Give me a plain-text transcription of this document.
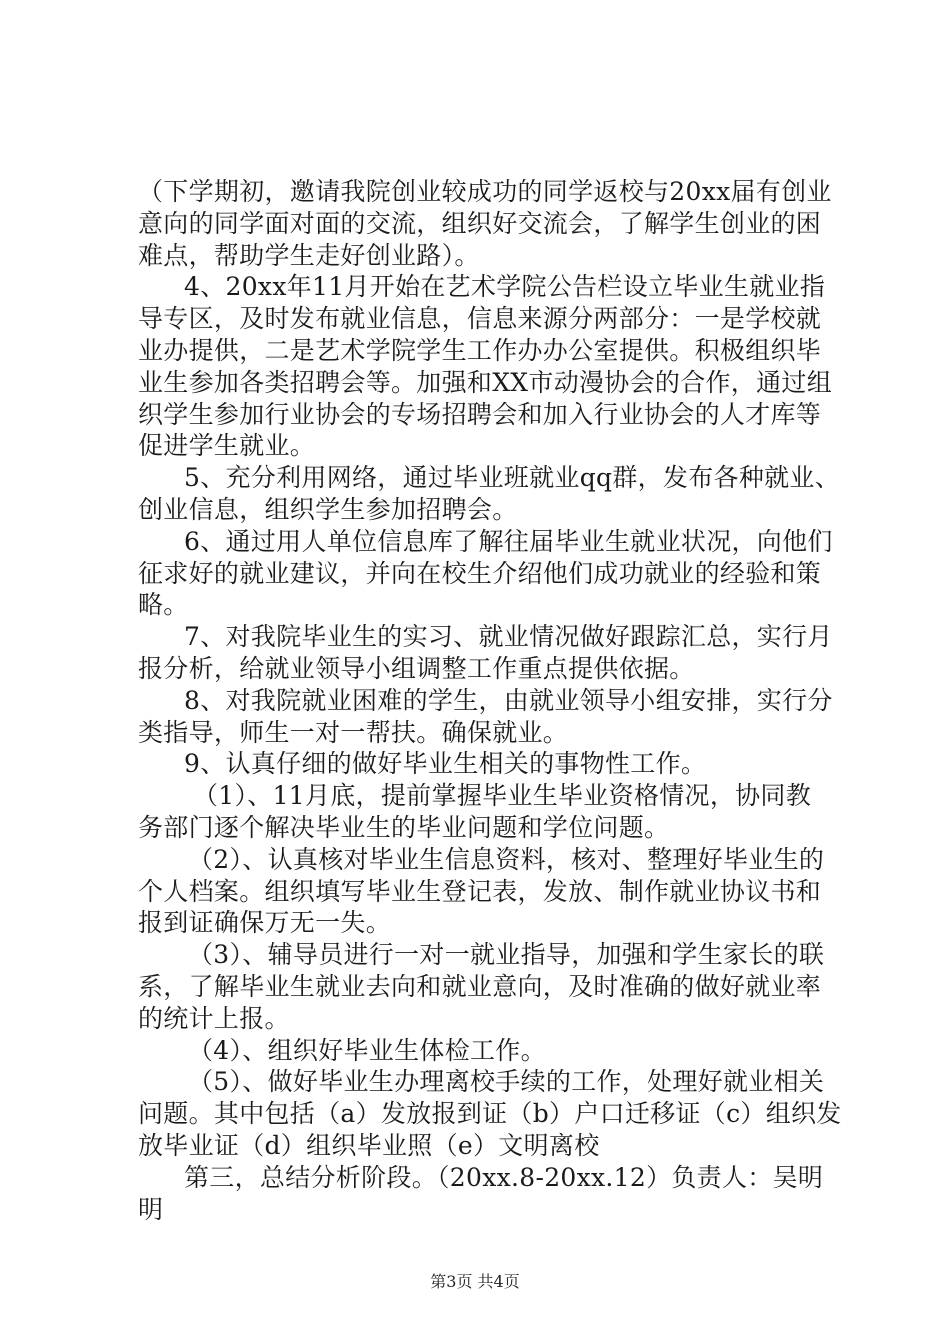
（下学期初，邀请我院创业较成功的同学返校与20xx届有创业
意向的同学面对面的交流，组织好交流会，了解学生创业的困
难点，帮助学生走好创业路）。
4、20xx年11月开始在艺术学院公告栏设立毕业生就业指
导专区，及时发布就业信息，信息来源分两部分：一是学校就
业办提供，二是艺术学院学生工作办办公室提供。积极组织毕
业生参加各类招聘会等。加强和XX市动漫协会的合作，通过组
织学生参加行业协会的专场招聘会和加入行业协会的人才库等
促进学生就业。
5、充分利用网络，通过毕业班就业qq群，发布各种就业、
创业信息，组织学生参加招聘会。
6、通过用人单位信息库了解往届毕业生就业状况，向他们
征求好的就业建议，并向在校生介绍他们成功就业的经验和策
略。
7、对我院毕业生的实习、就业情况做好跟踪汇总，实行月
报分析，给就业领导小组调整工作重点提供依据。
8、对我院就业困难的学生，由就业领导小组安排，实行分
类指导，师生一对一帮扶。确保就业。
9、认真仔细的做好毕业生相关的事物性工作。
（1）、11月底，提前掌握毕业生毕业资格情况，协同教
务部门逐个解决毕业生的毕业问题和学位问题。
（2）、认真核对毕业生信息资料，核对、整理好毕业生的
个人档案。组织填写毕业生登记表，发放、制作就业协议书和
报到证确保万无一失。
（3）、辅导员进行一对一就业指导，加强和学生家长的联
系，了解毕业生就业去向和就业意向，及时准确的做好就业率
的统计上报。
（4）、组织好毕业生体检工作。
（5）、做好毕业生办理离校手续的工作，处理好就业相关
问题。其中包括（a）发放报到证（b）户口迁移证（c）组织发
放毕业证（d）组织毕业照（e）文明离校
第三，总结分析阶段。（20xx.8-20xx.12）负责人：吴明
明
第3页 共4页
